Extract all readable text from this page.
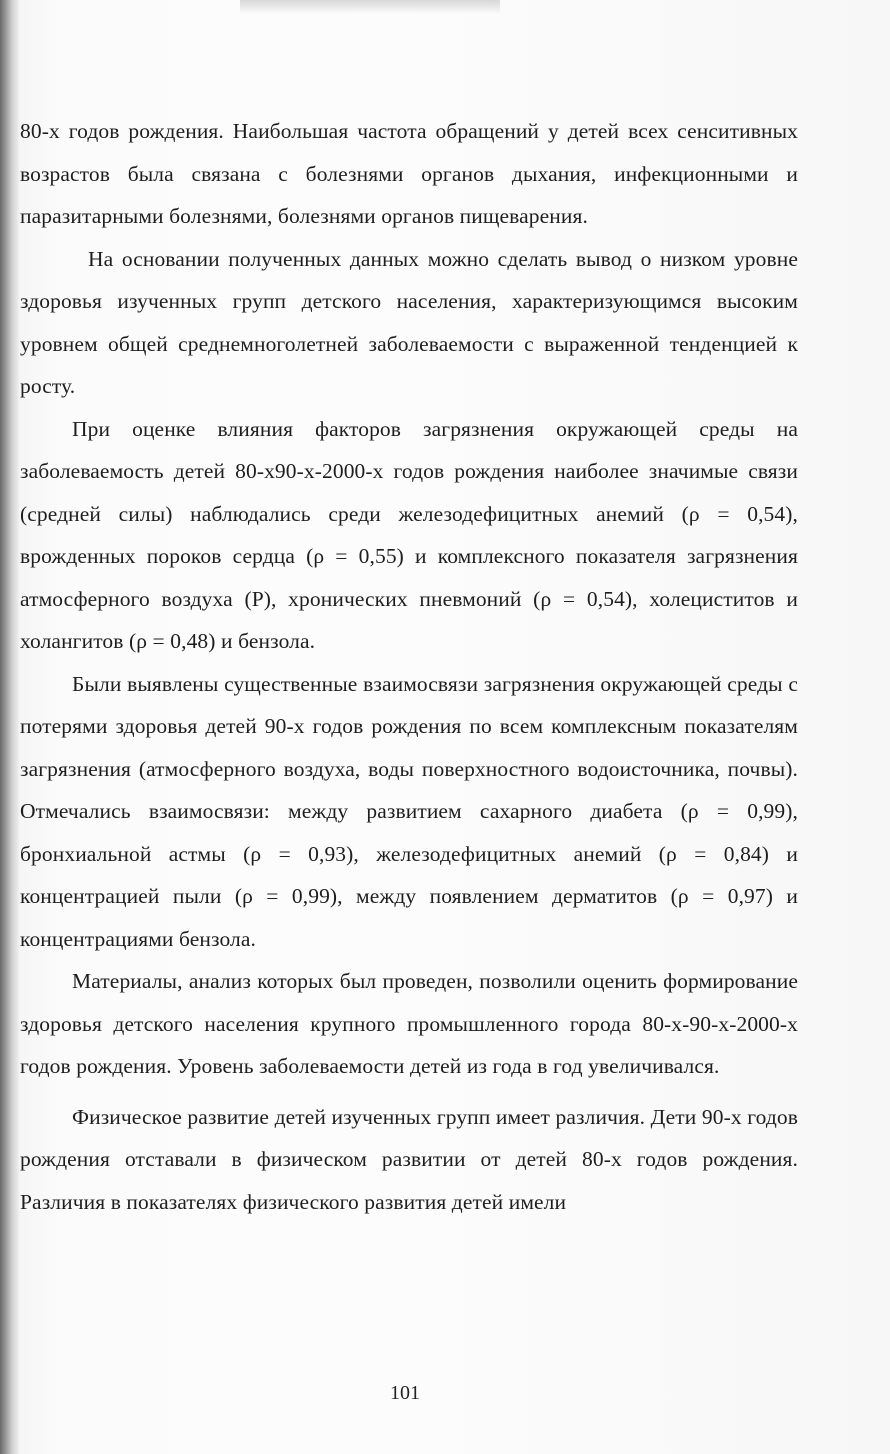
80-х годов рождения. Наибольшая частота обращений у детей всех сенситивных возрастов была связана с болезнями органов дыхания, инфекционными и паразитарными болезнями, болезнями органов пищеварения.

На основании полученных данных можно сделать вывод о низком уровне здоровья изученных групп детского населения, характеризующимся высоким уровнем общей среднемноголетней заболеваемости с выраженной тенденцией к росту.

При оценке влияния факторов загрязнения окружающей среды на заболеваемость детей 80-х90-х-2000-х годов рождения наиболее значимые связи (средней силы) наблюдались среди железодефицитных анемий (ρ = 0,54), врожденных пороков сердца (ρ = 0,55) и комплексного показателя загрязнения атмосферного воздуха (Р), хронических пневмоний (ρ = 0,54), холециститов и холангитов (ρ = 0,48) и бензола.

Были выявлены существенные взаимосвязи загрязнения окружающей среды с потерями здоровья детей 90-х годов рождения по всем комплексным показателям загрязнения (атмосферного воздуха, воды поверхностного водоисточника, почвы). Отмечались взаимосвязи: между развитием сахарного диабета (ρ = 0,99), бронхиальной астмы (ρ = 0,93), железодефицитных анемий (ρ = 0,84) и концентрацией пыли (ρ = 0,99), между появлением дерматитов (ρ = 0,97) и концентрациями бензола.

Материалы, анализ которых был проведен, позволили оценить формирование здоровья детского населения крупного промышленного города 80-х-90-х-2000-х годов рождения. Уровень заболеваемости детей из года в год увеличивался.

Физическое развитие детей изученных групп имеет различия. Дети 90-х годов рождения отставали в физическом развитии от детей 80-х годов рождения. Различия в показателях физического развития детей имели

101
